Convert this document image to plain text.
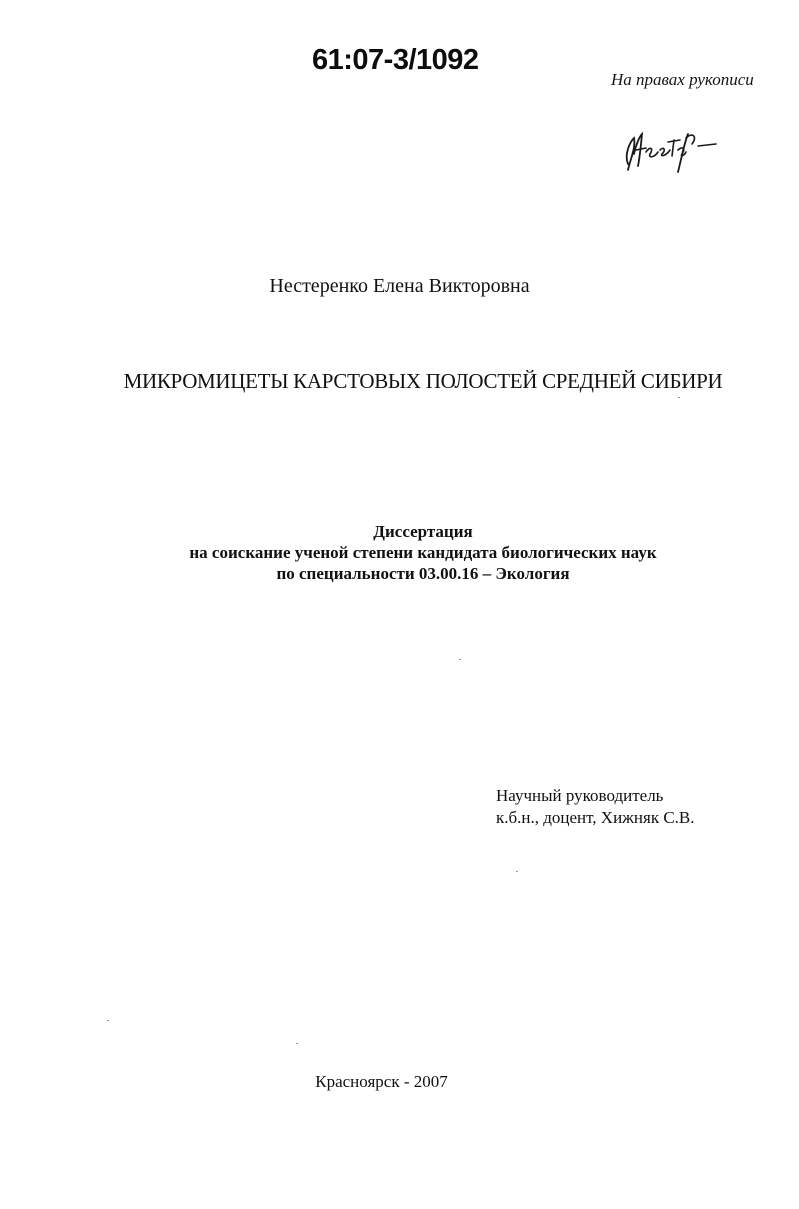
61:07-3/1092
На правах рукописи
Нестеренко Елена Викторовна
МИКРОМИЦЕТЫ КАРСТОВЫХ ПОЛОСТЕЙ СРЕДНЕЙ СИБИРИ
Диссертация
на соискание ученой степени кандидата биологических наук
по специальности 03.00.16 – Экология
Научный руководитель
к.б.н., доцент, Хижняк С.В.
Красноярск - 2007
